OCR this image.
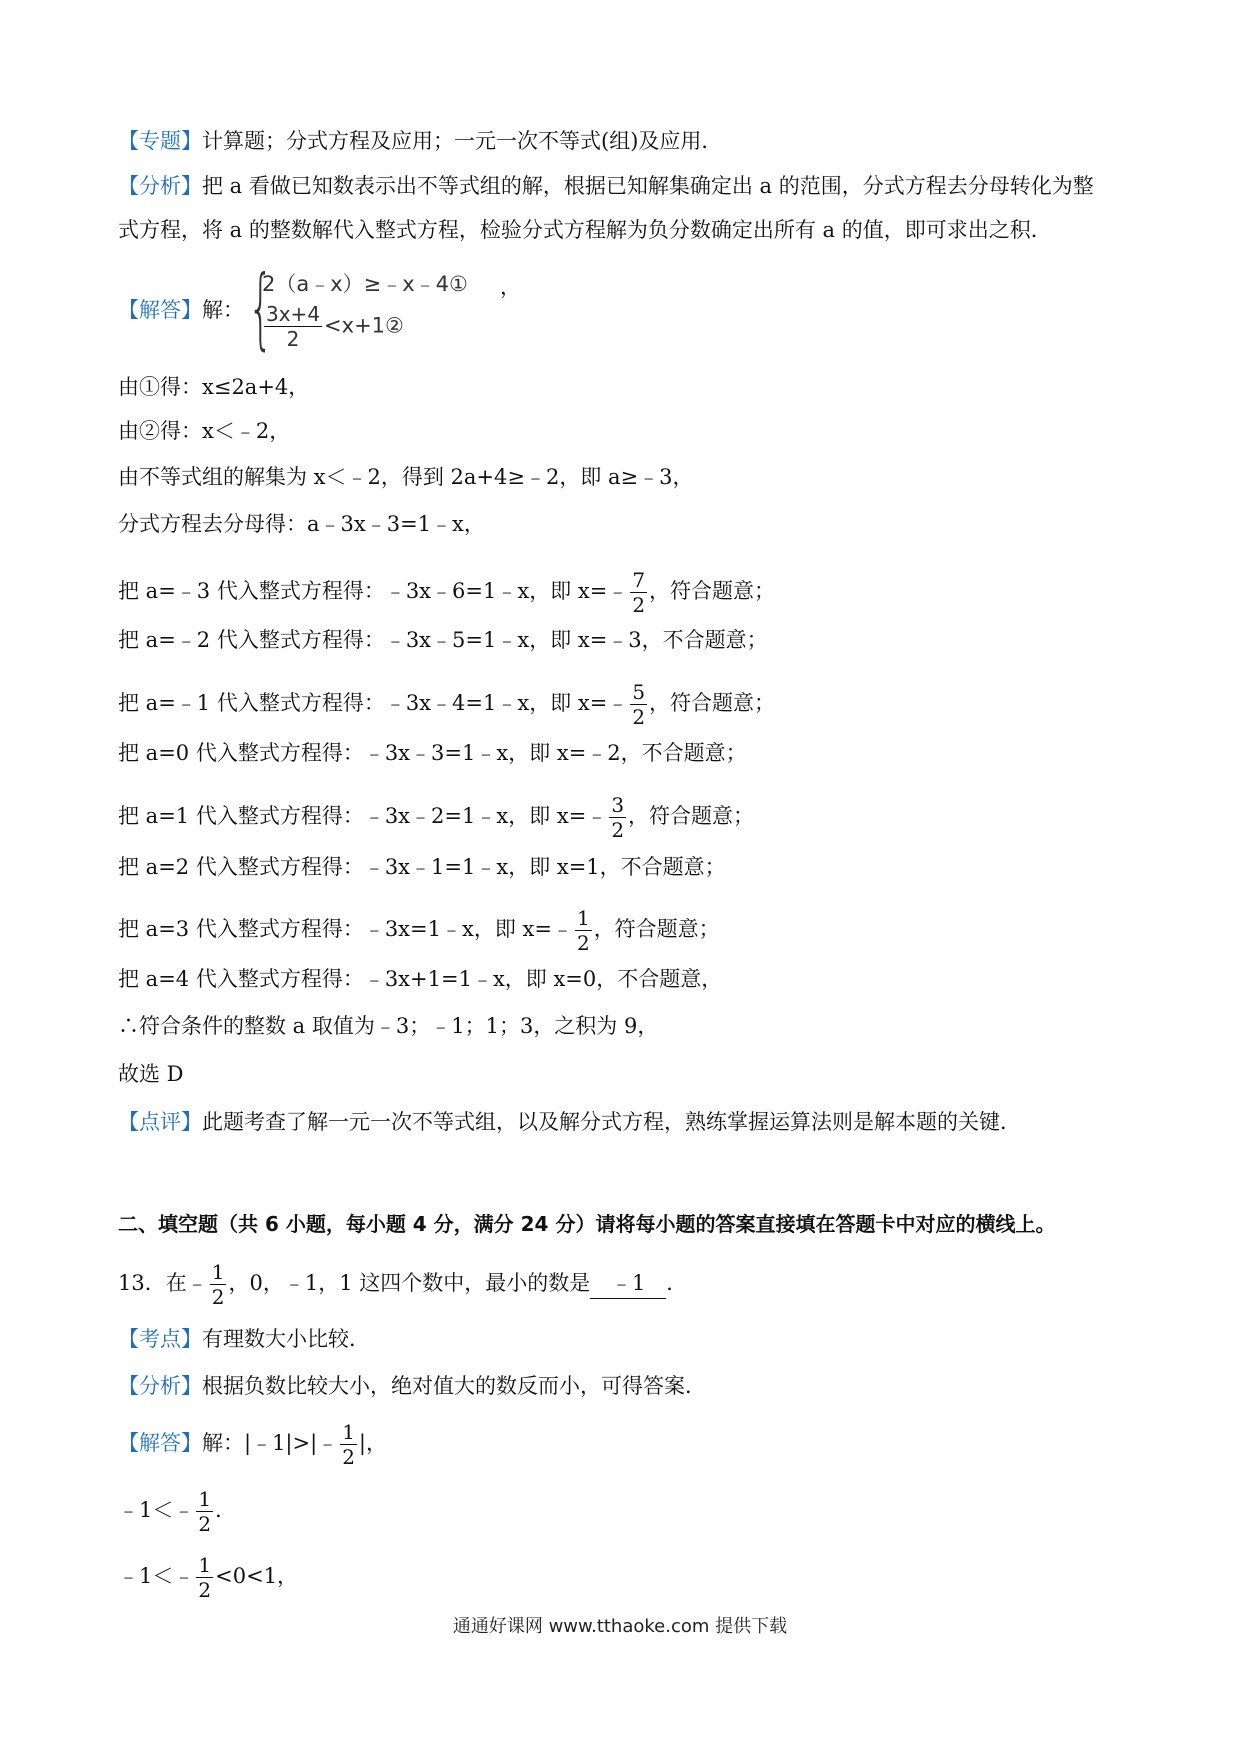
【专题】计算题；分式方程及应用；一元一次不等式(组)及应用．
【分析】把 a 看做已知数表示出不等式组的解，根据已知解集确定出 a 的范围，分式方程去分母转化为整
式方程，将 a 的整数解代入整式方程，检验分式方程解为负分数确定出所有 a 的值，即可求出之积．
【解答】解： {
2（a﹣x）≥﹣x﹣4①
$\frac{3x+4}{2}$ <x+1②
，
由①得：x≤2a+4，
由②得：x＜﹣2，
由不等式组的解集为 x＜﹣2，得到 2a+4≥﹣2，即 a≥﹣3，
分式方程去分母得：a﹣3x﹣3=1﹣x，
把 a=﹣3 代入整式方程得：﹣3x﹣6=1﹣x，即 x=﹣ $\frac{7}{2}$ ，符合题意；
把 a=﹣2 代入整式方程得：﹣3x﹣5=1﹣x，即 x=﹣3，不合题意；
把 a=﹣1 代入整式方程得：﹣3x﹣4=1﹣x，即 x=﹣ $\frac{5}{2}$ ，符合题意；
把 a=0 代入整式方程得：﹣3x﹣3=1﹣x，即 x=﹣2，不合题意；
把 a=1 代入整式方程得：﹣3x﹣2=1﹣x，即 x=﹣ $\frac{3}{2}$ ，符合题意；
把 a=2 代入整式方程得：﹣3x﹣1=1﹣x，即 x=1，不合题意；
把 a=3 代入整式方程得：﹣3x=1﹣x，即 x=﹣ $\frac{1}{2}$ ，符合题意；
把 a=4 代入整式方程得：﹣3x+1=1﹣x，即 x=0，不合题意，
∴符合条件的整数 a 取值为﹣3；﹣1；1；3，之积为 9，
故选 D
【点评】此题考查了解一元一次不等式组，以及解分式方程，熟练掌握运算法则是解本题的关键．
二、填空题（共 6 小题，每小题 4 分，满分 24 分）请将每小题的答案直接填在答题卡中对应的横线上。
13．在﹣ $\frac{1}{2}$ ，0，﹣1，1 这四个数中，最小的数是 ﹣1 ．
【考点】有理数大小比较．
【分析】根据负数比较大小，绝对值大的数反而小，可得答案．
【解答】解：|﹣1|>|﹣ $\frac{1}{2}$ |，
﹣1＜﹣ $\frac{1}{2}$ ．
﹣1＜﹣ $\frac{1}{2} <0<1$，
通通好课网 www.tthaoke.com 提供下载
